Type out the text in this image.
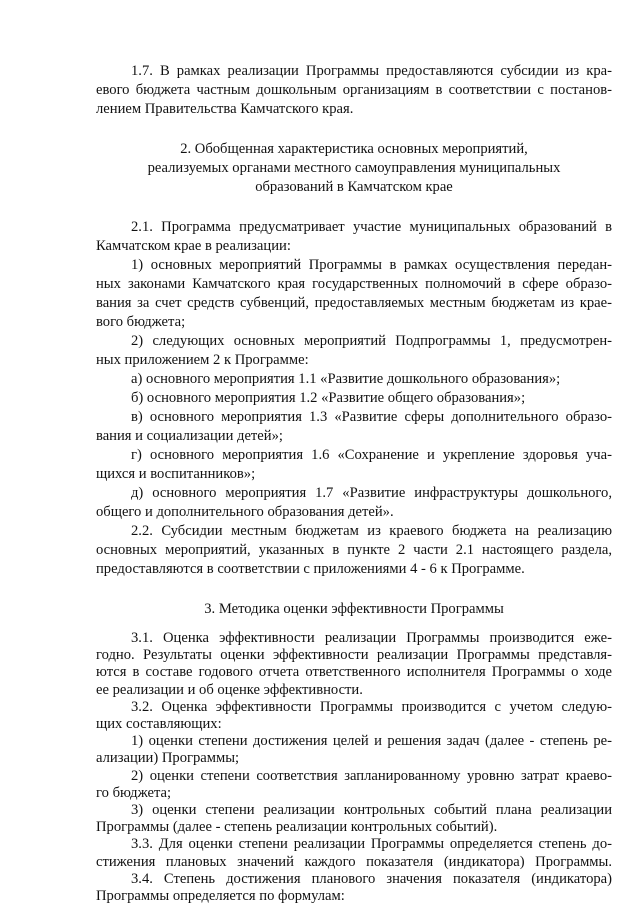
1.7. В рамках реализации Программы предоставляются субсидии из кра-
евого бюджета частным дошкольным организациям в соответствии с постанов-
лением Правительства Камчатского края.
2. Обобщенная характеристика основных мероприятий,
реализуемых органами местного самоуправления муниципальных
образований в Камчатском крае
2.1. Программа предусматривает участие муниципальных образований в
Камчатском крае в реализации:
1) основных мероприятий Программы в рамках осуществления передан-
ных законами Камчатского края государственных полномочий в сфере образо-
вания за счет средств субвенций, предоставляемых местным бюджетам из крае-
вого бюджета;
2) следующих основных мероприятий Подпрограммы 1, предусмотрен-
ных приложением 2 к Программе:
а) основного мероприятия 1.1 «Развитие дошкольного образования»;
б) основного мероприятия 1.2 «Развитие общего образования»;
в) основного мероприятия 1.3 «Развитие сферы дополнительного образо-
вания и социализации детей»;
г) основного мероприятия 1.6 «Сохранение и укрепление здоровья уча-
щихся и воспитанников»;
д) основного мероприятия 1.7 «Развитие инфраструктуры дошкольного,
общего и дополнительного образования детей».
2.2. Субсидии местным бюджетам из краевого бюджета на реализацию
основных мероприятий, указанных в пункте 2 части 2.1 настоящего раздела,
предоставляются в соответствии с приложениями 4 - 6 к Программе.
3. Методика оценки эффективности Программы
3.1. Оценка эффективности реализации Программы производится еже-
годно. Результаты оценки эффективности реализации Программы представля-
ются в составе годового отчета ответственного исполнителя Программы о ходе
ее реализации и об оценке эффективности.
3.2. Оценка эффективности Программы производится с учетом следую-
щих составляющих:
1) оценки степени достижения целей и решения задач (далее - степень ре-
ализации) Программы;
2) оценки степени соответствия запланированному уровню затрат краево-
го бюджета;
3) оценки степени реализации контрольных событий плана реализации
Программы (далее - степень реализации контрольных событий).
3.3. Для оценки степени реализации Программы определяется степень до-
стижения плановых значений каждого показателя (индикатора) Программы.
3.4. Степень достижения планового значения показателя (индикатора)
Программы определяется по формулам:
